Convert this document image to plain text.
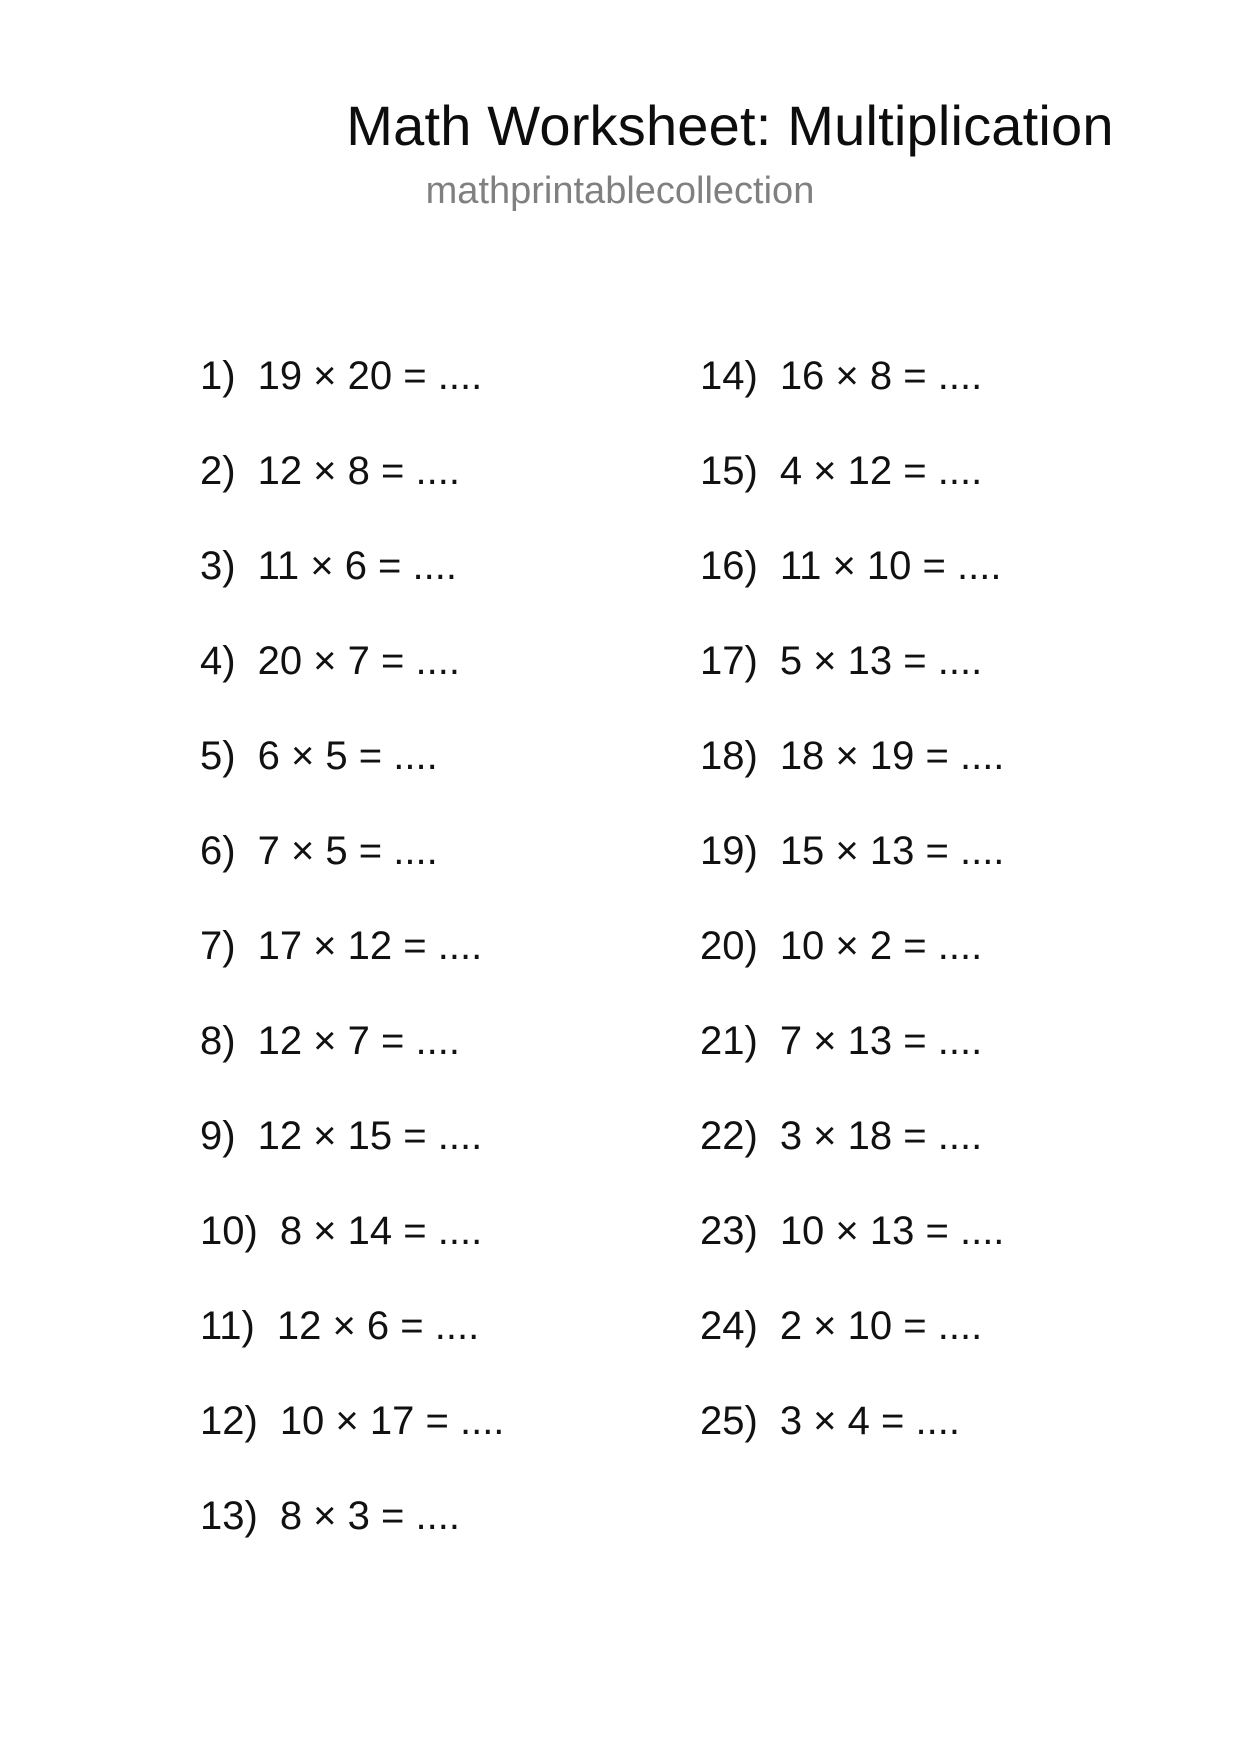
Math Worksheet: Multiplication
mathprintablecollection
1) 19 × 20 = ....
2) 12 × 8 = ....
3) 11 × 6 = ....
4) 20 × 7 = ....
5) 6 × 5 = ....
6) 7 × 5 = ....
7) 17 × 12 = ....
8) 12 × 7 = ....
9) 12 × 15 = ....
10) 8 × 14 = ....
11) 12 × 6 = ....
12) 10 × 17 = ....
13) 8 × 3 = ....
14) 16 × 8 = ....
15) 4 × 12 = ....
16) 11 × 10 = ....
17) 5 × 13 = ....
18) 18 × 19 = ....
19) 15 × 13 = ....
20) 10 × 2 = ....
21) 7 × 13 = ....
22) 3 × 18 = ....
23) 10 × 13 = ....
24) 2 × 10 = ....
25) 3 × 4 = ....
